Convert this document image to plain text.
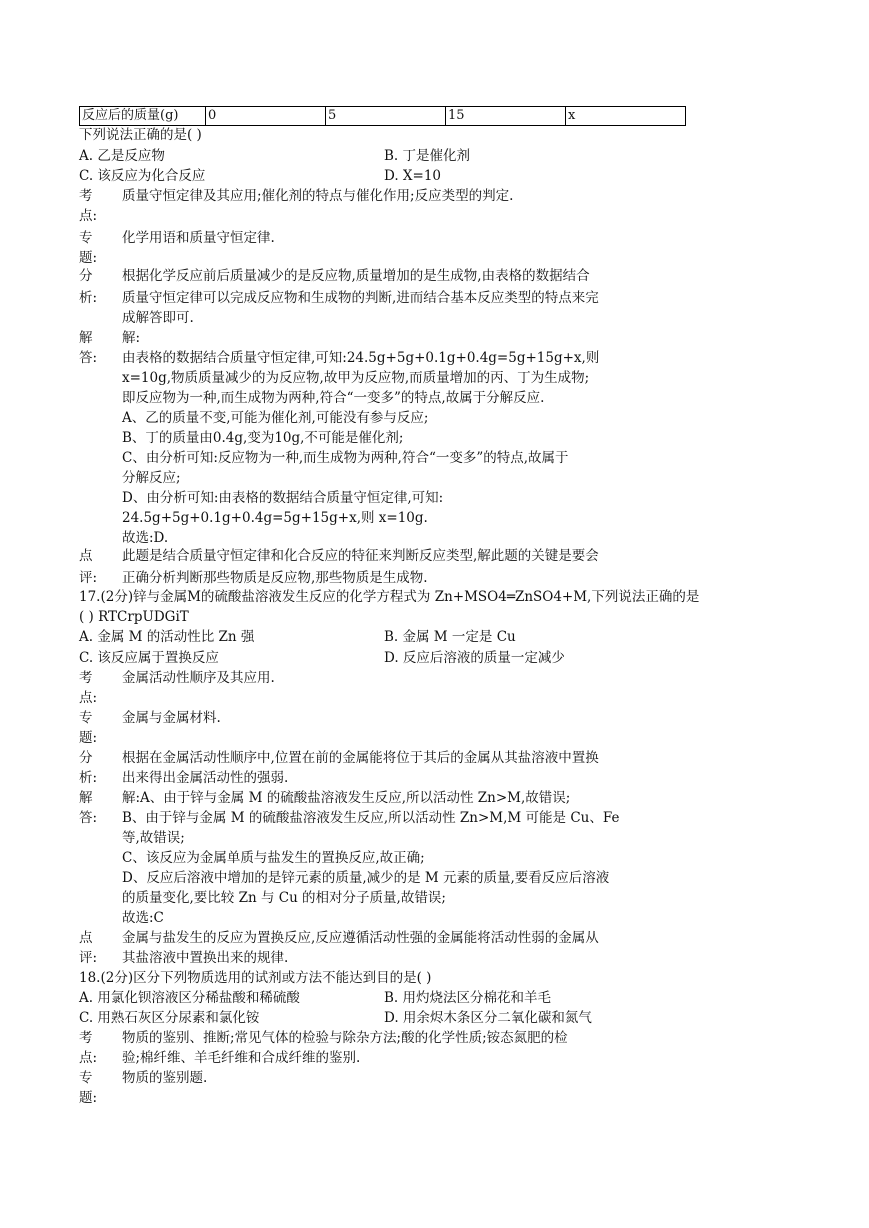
反应后的质量(g)	0	5	15	x
下列说法正确的是( )
A. 乙是反应物	B. 丁是催化剂
C. 该反应为化合反应	D. X=10
考
点:
质量守恒定律及其应用;催化剂的特点与催化作用;反应类型的判定.
专
题:
化学用语和质量守恒定律.
分
析:
根据化学反应前后质量减少的是反应物,质量增加的是生成物,由表格的数据结合
质量守恒定律可以完成反应物和生成物的判断,进而结合基本反应类型的特点来完
成解答即可.
解
答:
解:
由表格的数据结合质量守恒定律,可知:24.5g+5g+0.1g+0.4g=5g+15g+x,则
x=10g,物质质量减少的为反应物,故甲为反应物,而质量增加的丙、丁为生成物;
即反应物为一种,而生成物为两种,符合“一变多”的特点,故属于分解反应.
A、乙的质量不变,可能为催化剂,可能没有参与反应;
B、丁的质量由0.4g,变为10g,不可能是催化剂;
C、由分析可知:反应物为一种,而生成物为两种,符合“一变多”的特点,故属于
分解反应;
D、由分析可知:由表格的数据结合质量守恒定律,可知:
24.5g+5g+0.1g+0.4g=5g+15g+x,则 x=10g.
故选:D.
点
评:
此题是结合质量守恒定律和化合反应的特征来判断反应类型,解此题的关键是要会
正确分析判断那些物质是反应物,那些物质是生成物.
17.(2分)锌与金属M的硫酸盐溶液发生反应的化学方程式为 Zn+MSO4═ZnSO4+M,下列说法正确的是
( ) RTCrpUDGiT
A. 金属 M 的活动性比 Zn 强	B. 金属 M 一定是 Cu
C. 该反应属于置换反应	D. 反应后溶液的质量一定减少
考
点:
金属活动性顺序及其应用.
专
题:
金属与金属材料.
分
析:
根据在金属活动性顺序中,位置在前的金属能将位于其后的金属从其盐溶液中置换
出来得出金属活动性的强弱.
解
答:
解:A、由于锌与金属 M 的硫酸盐溶液发生反应,所以活动性 Zn>M,故错误;
B、由于锌与金属 M 的硫酸盐溶液发生反应,所以活动性 Zn>M,M 可能是 Cu、Fe
等,故错误;
C、该反应为金属单质与盐发生的置换反应,故正确;
D、反应后溶液中增加的是锌元素的质量,减少的是 M 元素的质量,要看反应后溶液
的质量变化,要比较 Zn 与 Cu 的相对分子质量,故错误;
故选:C
点
评:
金属与盐发生的反应为置换反应,反应遵循活动性强的金属能将活动性弱的金属从
其盐溶液中置换出来的规律.
18.(2分)区分下列物质选用的试剂或方法不能达到目的是( )
A. 用氯化钡溶液区分稀盐酸和稀硫酸	B. 用灼烧法区分棉花和羊毛
C. 用熟石灰区分尿素和氯化铵	D. 用余烬木条区分二氧化碳和氮气
考
点:
物质的鉴别、推断;常见气体的检验与除杂方法;酸的化学性质;铵态氮肥的检
验;棉纤维、羊毛纤维和合成纤维的鉴别.
专
题:
物质的鉴别题.
